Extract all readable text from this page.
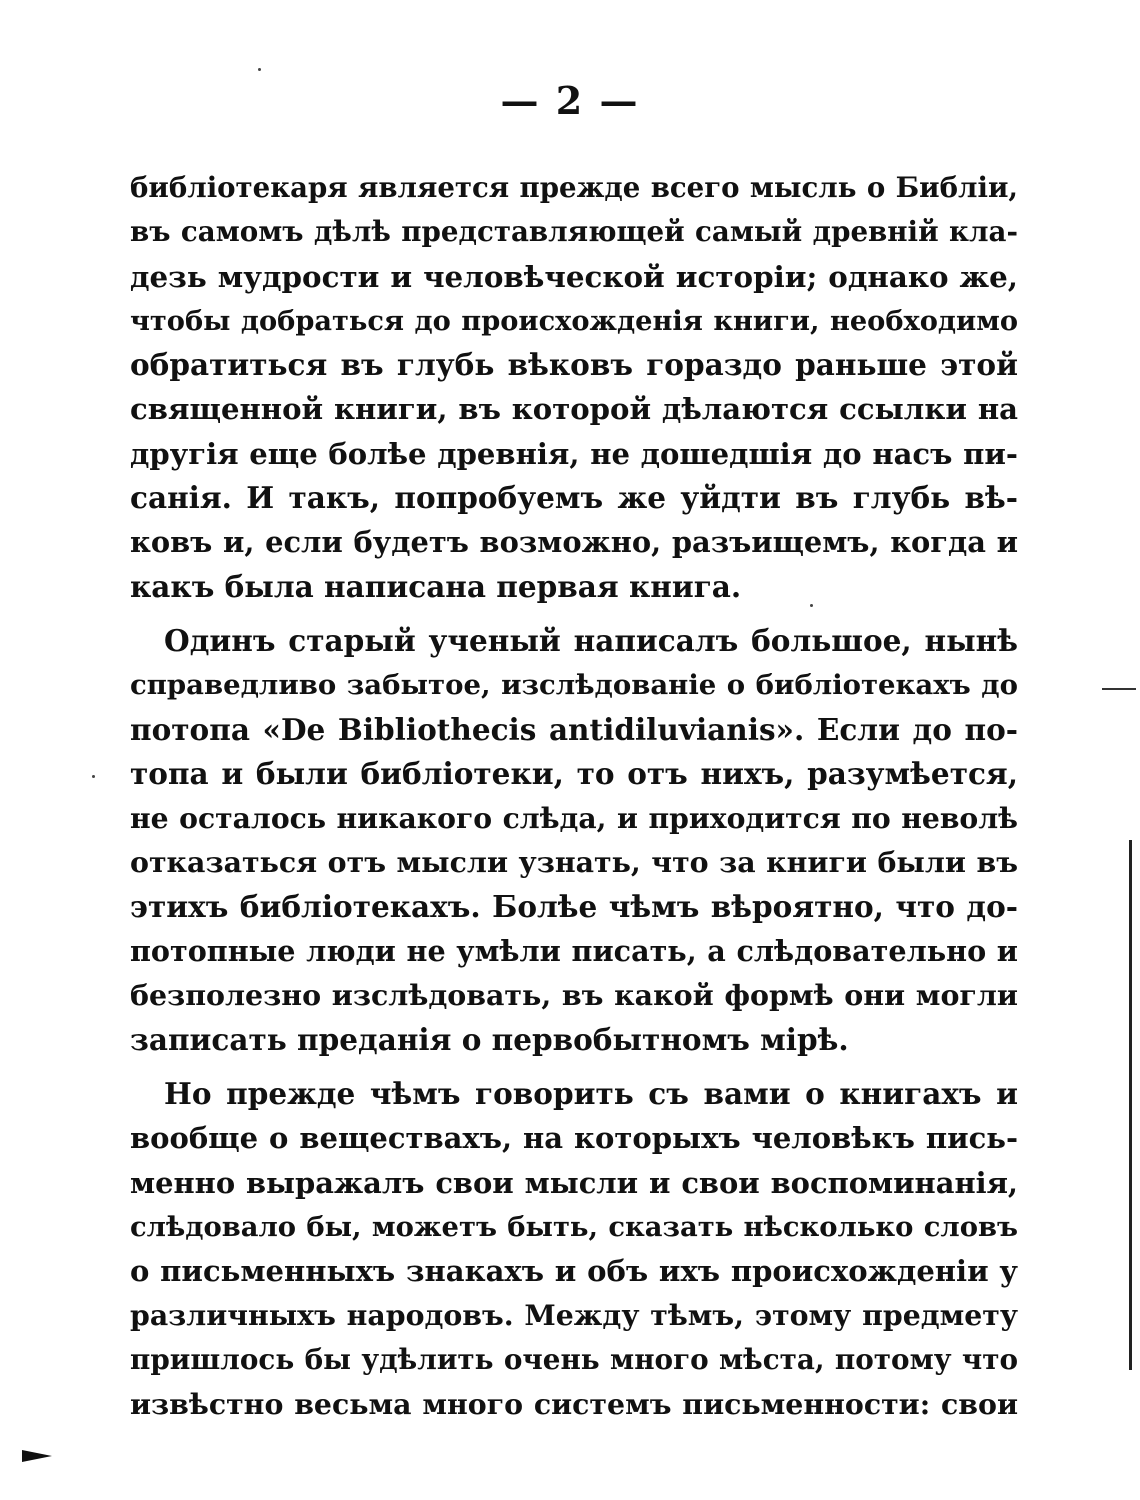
— 2 —
библіотекаря является прежде всего мысль о Библіи,
въ самомъ дѣлѣ представляющей самый древній кла-
дезь мудрости и человѣческой исторіи; однако же,
чтобы добраться до происхожденія книги, необходимо
обратиться въ глубь вѣковъ гораздо раньше этой
священной книги, въ которой дѣлаются ссылки на
другія еще болѣе древнія, не дошедшія до насъ пи-
санія. И такъ, попробуемъ же уйдти въ глубь вѣ-
ковъ и, если будетъ возможно, разъищемъ, когда и
какъ была написана первая книга.
Одинъ старый ученый написалъ большое, нынѣ
справедливо забытое, изслѣдованіе о библіотекахъ до
потопа «De Bibliothecis antidiluvianis». Если до по-
топа и были библіотеки, то отъ нихъ, разумѣется,
не осталось никакого слѣда, и приходится по неволѣ
отказаться отъ мысли узнать, что за книги были въ
этихъ библіотекахъ. Болѣе чѣмъ вѣроятно, что до-
потопные люди не умѣли писать, а слѣдовательно и
безполезно изслѣдовать, въ какой формѣ они могли
записать преданія о первобытномъ мірѣ.
Но прежде чѣмъ говорить съ вами о книгахъ и
вообще о веществахъ, на которыхъ человѣкъ пись-
менно выражалъ свои мысли и свои воспоминанія,
слѣдовало бы, можетъ быть, сказать нѣсколько словъ
о письменныхъ знакахъ и объ ихъ происхожденіи у
различныхъ народовъ. Между тѣмъ, этому предмету
пришлось бы удѣлить очень много мѣста, потому что
извѣстно весьма много системъ письменности: свои
